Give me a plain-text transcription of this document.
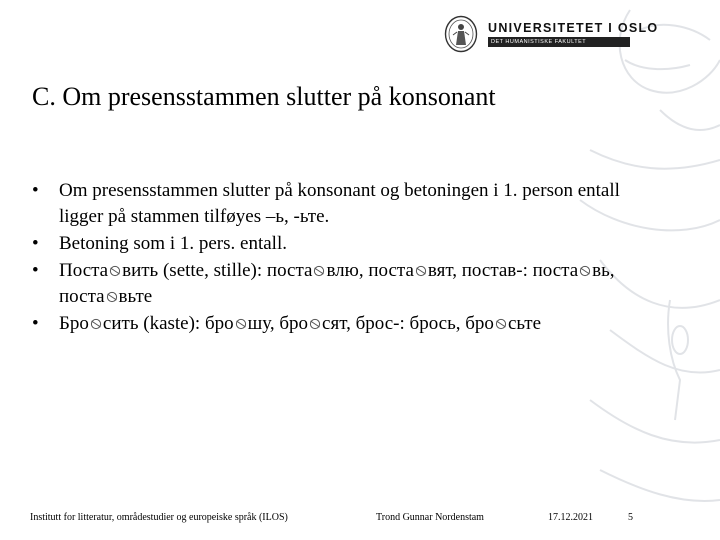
UNIVERSITETET I OSLO
DET HUMANISTISKE FAKULTET
C. Om presensstammen slutter på konsonant
•	Om presensstammen slutter på konsonant og betoningen i 1. person entall ligger på stammen tilføyes –ь, -ьте.
•	Betoning som i 1. pers. entall.
•	Поста вить (sette, stille): поста влю, поста вят, постав-: поста вь, поста вьте
•	Бро сить (kaste): бро шу, бро сят, брос-: брось, бро сьте
Institutt for litteratur, områdestudier og europeiske språk (ILOS)	Trond Gunnar Nordenstam	17.12.2021	5
